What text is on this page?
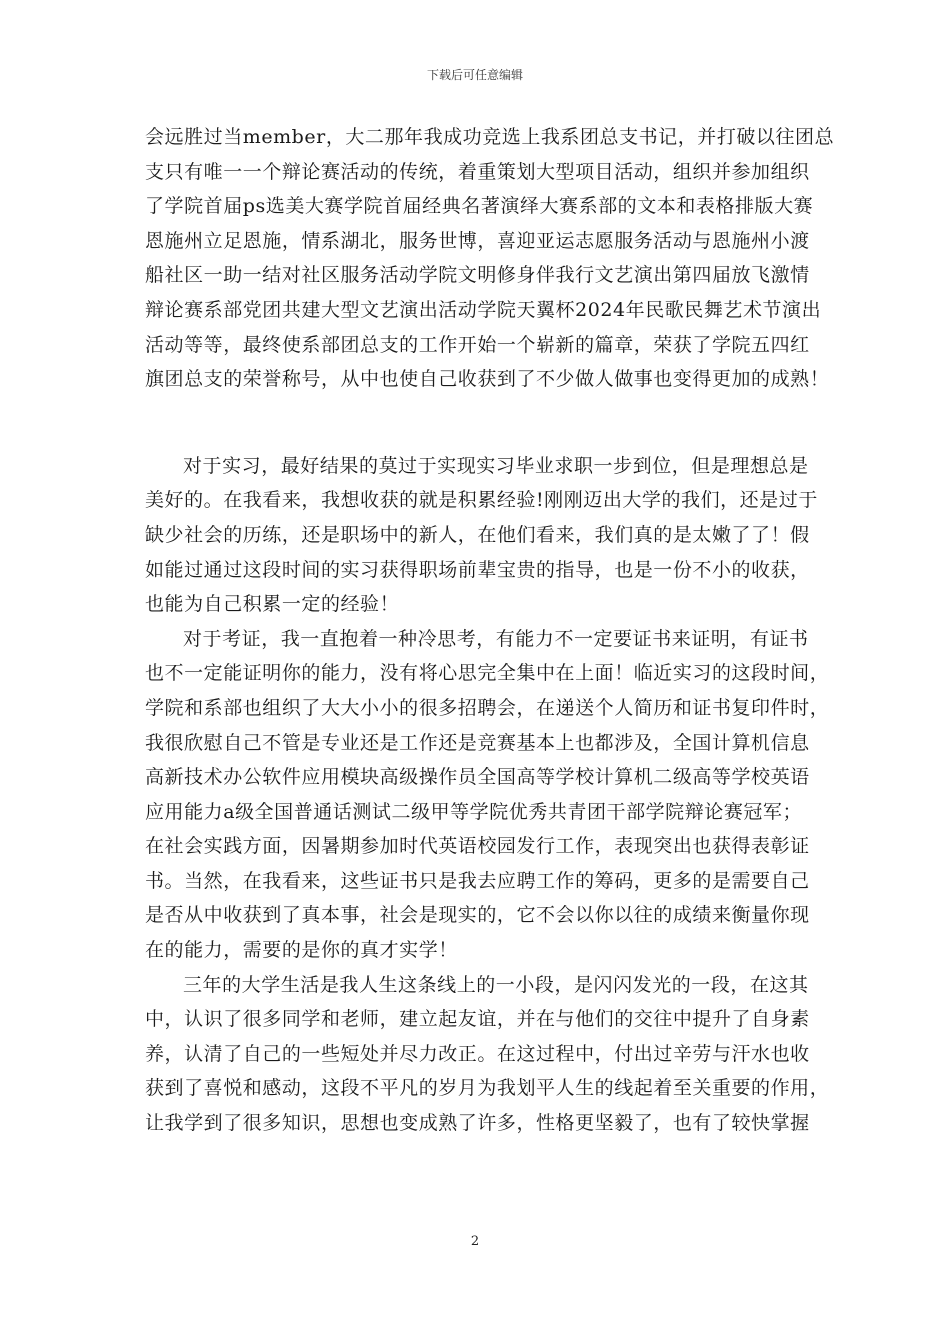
下载后可任意编辑
会远胜过当member，大二那年我成功竞选上我系团总支书记，并打破以往团总
支只有唯一一个辩论赛活动的传统，着重策划大型项目活动，组织并参加组织
了学院首届ps选美大赛学院首届经典名著演绎大赛系部的文本和表格排版大赛
恩施州立足恩施，情系湖北，服务世博，喜迎亚运志愿服务活动与恩施州小渡
船社区一助一结对社区服务活动学院文明修身伴我行文艺演出第四届放飞激情
辩论赛系部党团共建大型文艺演出活动学院天翼杯2024年民歌民舞艺术节演出
活动等等，最终使系部团总支的工作开始一个崭新的篇章，荣获了学院五四红
旗团总支的荣誉称号，从中也使自己收获到了不少做人做事也变得更加的成熟！
对于实习，最好结果的莫过于实现实习毕业求职一步到位，但是理想总是
美好的。在我看来，我想收获的就是积累经验!刚刚迈出大学的我们，还是过于
缺少社会的历练，还是职场中的新人，在他们看来，我们真的是太嫩了了！假
如能过通过这段时间的实习获得职场前辈宝贵的指导，也是一份不小的收获，
也能为自己积累一定的经验！
对于考证，我一直抱着一种冷思考，有能力不一定要证书来证明，有证书
也不一定能证明你的能力，没有将心思完全集中在上面！临近实习的这段时间，
学院和系部也组织了大大小小的很多招聘会，在递送个人简历和证书复印件时，
我很欣慰自己不管是专业还是工作还是竞赛基本上也都涉及，全国计算机信息
高新技术办公软件应用模块高级操作员全国高等学校计算机二级高等学校英语
应用能力a级全国普通话测试二级甲等学院优秀共青团干部学院辩论赛冠军；
在社会实践方面，因暑期参加时代英语校园发行工作，表现突出也获得表彰证
书。当然，在我看来，这些证书只是我去应聘工作的筹码，更多的是需要自己
是否从中收获到了真本事，社会是现实的，它不会以你以往的成绩来衡量你现
在的能力，需要的是你的真才实学！
三年的大学生活是我人生这条线上的一小段，是闪闪发光的一段，在这其
中，认识了很多同学和老师，建立起友谊，并在与他们的交往中提升了自身素
养，认清了自己的一些短处并尽力改正。在这过程中，付出过辛劳与汗水也收
获到了喜悦和感动，这段不平凡的岁月为我划平人生的线起着至关重要的作用，
让我学到了很多知识，思想也变成熟了许多，性格更坚毅了，也有了较快掌握
2
